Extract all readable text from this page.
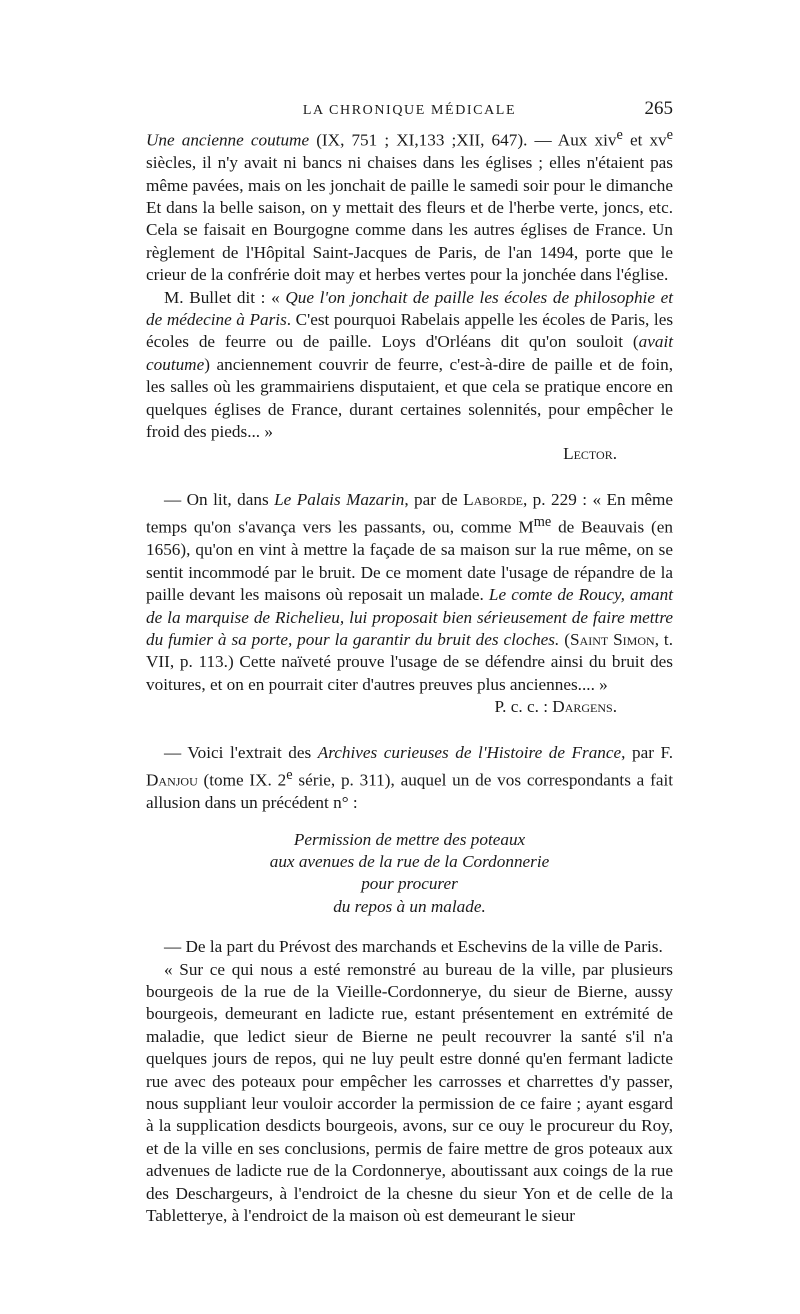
LA CHRONIQUE MÉDICALE	265

Une ancienne coutume (IX, 751 ; XI,133 ;XII, 647). — Aux xiv$^e$ et $xv^e$ siècles, il n'y avait ni bancs ni chaises dans les églises ; elles n'étaient pas même pavées, mais on les jonchait de paille le samedi soir pour le dimanche Et dans la belle saison, on y mettait des fleurs et de l'herbe verte, joncs, etc. Cela se faisait en Bourgogne comme dans les autres églises de France. Un règlement de l'Hôpital Saint-Jacques de Paris, de l'an 1494, porte que le crieur de la confrérie doit may et herbes vertes pour la jonchée dans l'église.

M. Bullet dit : « Que l'on jonchait de paille les écoles de philosophie et de médecine à Paris. C'est pourquoi Rabelais appelle les écoles de Paris, les écoles de feurre ou de paille. Loys d'Orléans dit qu'on souloit (avait coutume) anciennement couvrir de feurre, c'est-à-dire de paille et de foin, les salles où les grammairiens disputaient, et que cela se pratique encore en quelques églises de France, durant certaines solennités, pour empêcher le froid des pieds... »

Lector.

— On lit, dans Le Palais Mazarin, par de Laborde, p. 229 : « En même temps qu'on s'avança vers les passants, ou, comme $M^{me}$ de Beauvais (en 1656), qu'on en vint à mettre la façade de sa maison sur la rue même, on se sentit incommodé par le bruit. De ce moment date l'usage de répandre de la paille devant les maisons où reposait un malade. Le comte de Roucy, amant de la marquise de Richelieu, lui proposait bien sérieusement de faire mettre du fumier à sa porte, pour la garantir du bruit des cloches. (Saint Simon, t. VII, p. 113.) Cette naïveté prouve l'usage de se défendre ainsi du bruit des voitures, et on en pourrait citer d'autres preuves plus anciennes.... »

P. c. c. : Dargens.

— Voici l'extrait des Archives curieuses de l'Histoire de France, par F. Danjou (tome IX. 2e série, p. 311), auquel un de vos correspondants a fait allusion dans un précédent n° :

Permission de mettre des poteaux
aux avenues de la rue de la Cordonnerie
pour procurer
du repos à un malade.

— De la part du Prévost des marchands et Eschevins de la ville de Paris.

« Sur ce qui nous a esté remonstré au bureau de la ville, par plusieurs bourgeois de la rue de la Vieille-Cordonnerye, du sieur de Bierne, aussy bourgeois, demeurant en ladicte rue, estant présentement en extrémité de maladie, que ledict sieur de Bierne ne peult recouvrer la santé s'il n'a quelques jours de repos, qui ne luy peult estre donné qu'en fermant ladicte rue avec des poteaux pour empêcher les carrosses et charrettes d'y passer, nous suppliant leur vouloir accorder la permission de ce faire ; ayant esgard à la supplication desdicts bourgeois, avons, sur ce ouy le procureur du Roy, et de la ville en ses conclusions, permis de faire mettre de gros poteaux aux advenues de ladicte rue de la Cordonnerye, aboutissant aux coings de la rue des Deschargeurs, à l'endroict de la chesne du sieur Yon et de celle de la Tabletterye, à l'endroict de la maison où est demeurant le sieur
